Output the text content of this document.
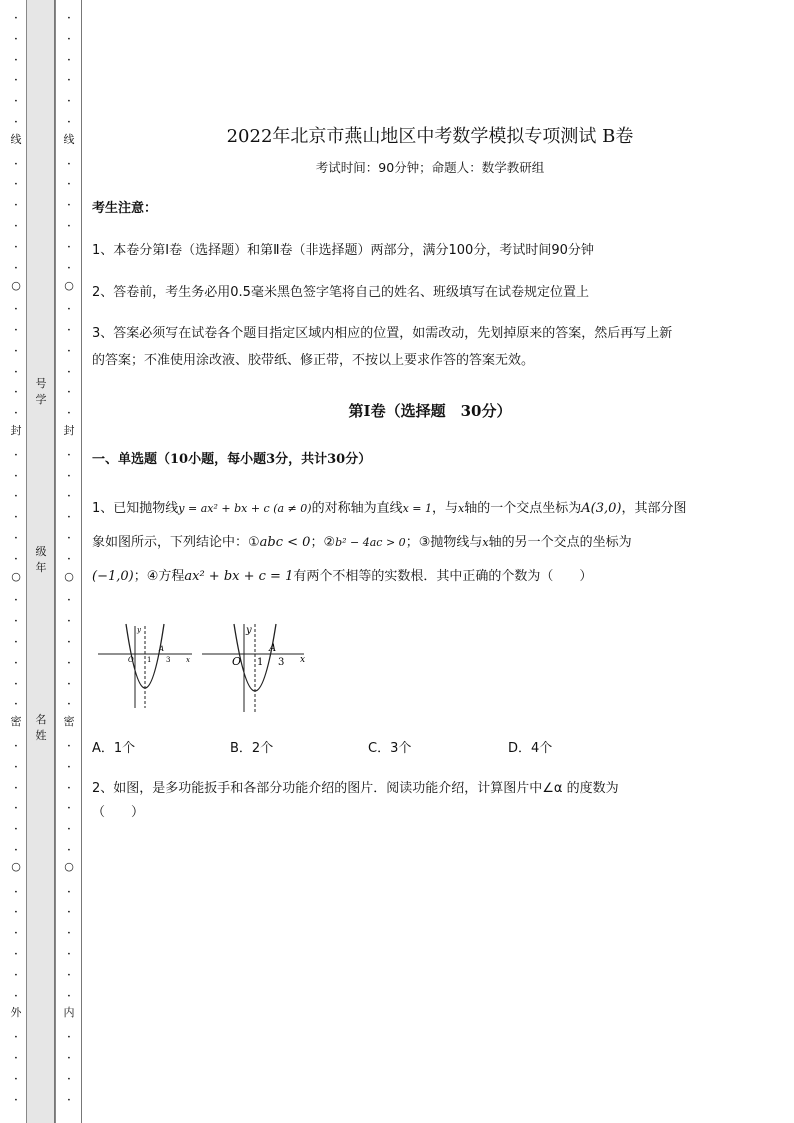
·
·
·
·
·
·
·
·
·
·
·
·
·
·
·
·
·
·
·
·
·
·
·
·
·
·
·
·
·
·
·
·
·
·
·
·
·
·
·
·
·
·
·
·
·
·
线
○
封
○
密
○
外
·
·
·
·
·
·
·
·
·
·
·
·
·
·
·
·
·
·
·
·
·
·
·
·
·
·
·
·
·
·
·
·
·
·
·
·
·
·
·
·
·
·
·
·
·
·
线
○
封
○
密
○
内
号 学
级 年
名 姓
2022年北京市燕山地区中考数学模拟专项测试 B卷
考试时间：90分钟；命题人：数学教研组
考生注意：
1、本卷分第Ⅰ卷（选择题）和第Ⅱ卷（非选择题）两部分，满分100分，考试时间90分钟
2、答卷前，考生务必用0.5毫米黑色签字笔将自己的姓名、班级填写在试卷规定位置上
3、答案必须写在试卷各个题目指定区域内相应的位置，如需改动，先划掉原来的答案，然后再写上新
的答案；不准使用涂改液、胶带纸、修正带，不按以上要求作答的答案无效。
第Ⅰ卷（选择题　30分）
一、单选题（10小题，每小题3分，共计30分）
1、已知抛物线y = ax² + bx + c (a ≠ 0)的对称轴为直线x = 1，与x轴的一个交点坐标为A(3,0)，其部分图
象如图所示，下列结论中：①abc < 0；②b² − 4ac > 0；③抛物线与x轴的另一个交点的坐标为
(−1,0)；④方程ax² + bx + c = 1有两个不相等的实数根．其中正确的个数为（　　）
y
x
O 1
A
3
y
x
O 1
A
3
A．1个	B．2个	C．3个	D．4个
2、如图，是多功能扳手和各部分功能介绍的图片．阅读功能介绍，计算图片中∠α 的度数为
（　　）
